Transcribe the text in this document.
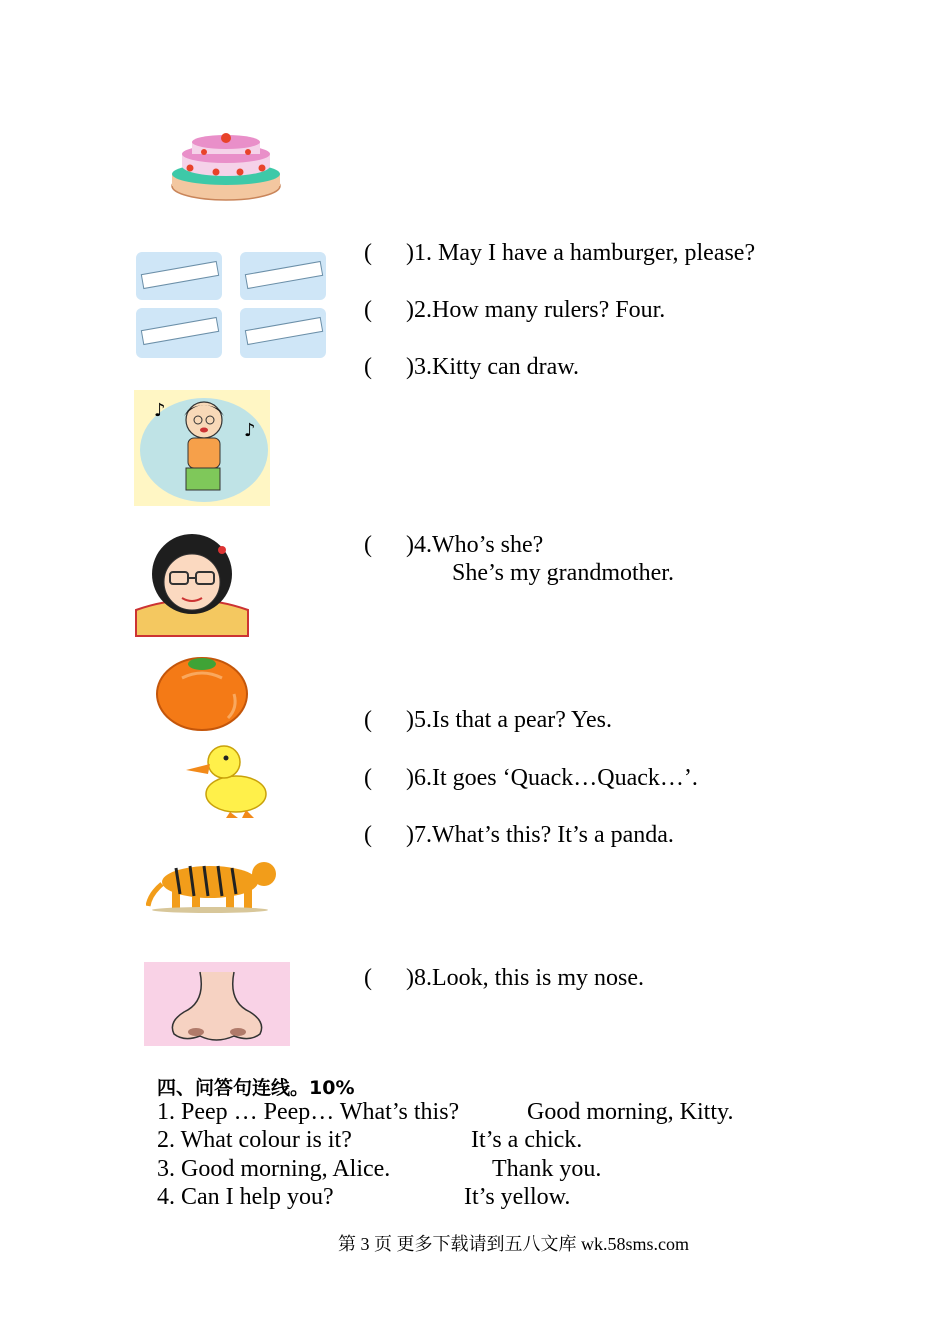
♪
♪
( )1. May I have a hamburger, please?
( )2.How many rulers? Four.
( )3.Kitty can draw.
( )4.Who’s she?
She’s my grandmother.
( )5.Is that a pear? Yes.
( )6.It goes ‘Quack…Quack…’.
( )7.What’s this? It’s a panda.
( )8.Look, this is my nose.
四、问答句连线。10%
1. Peep … Peep… What’s this?	Good morning, Kitty.
2. What colour is it?	It’s a chick.
3. Good morning, Alice.	Thank you.
4. Can I help you?	It’s yellow.
第 3 页 更多下载请到五八文库 wk.58sms.com
